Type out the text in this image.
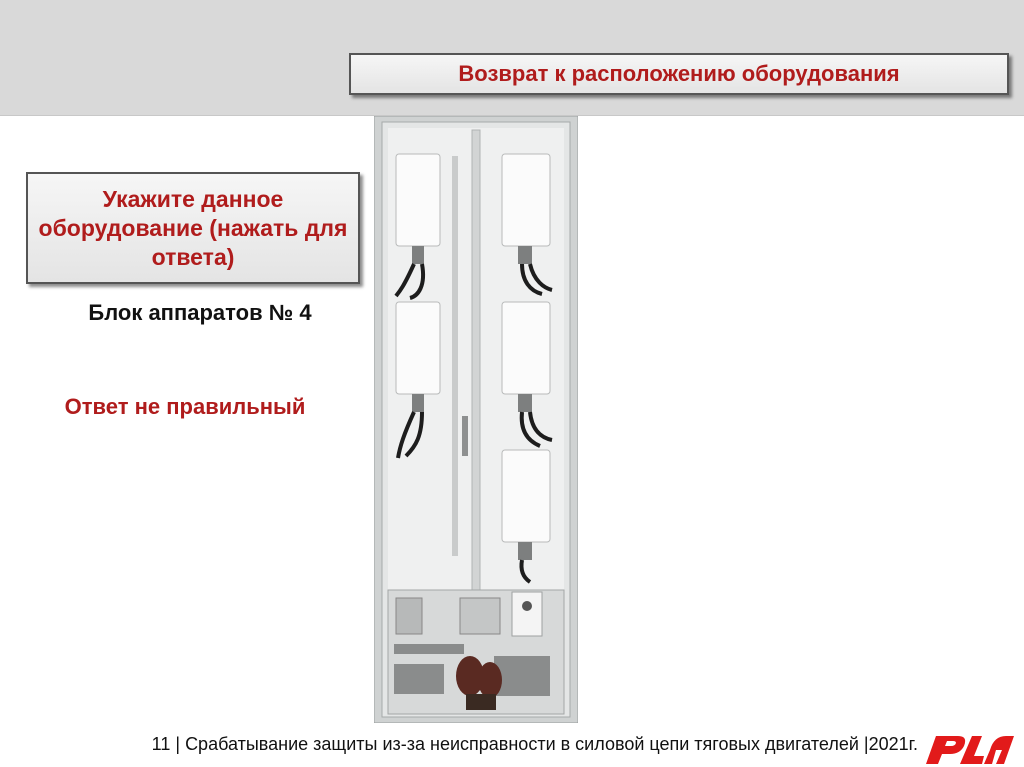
Возврат к расположению оборудования
Укажите данное оборудование (нажать для ответа)
Блок аппаратов № 4
Ответ не правильный
11 | Срабатывание защиты из-за неисправности в силовой цепи тяговых двигателей |2021г.
